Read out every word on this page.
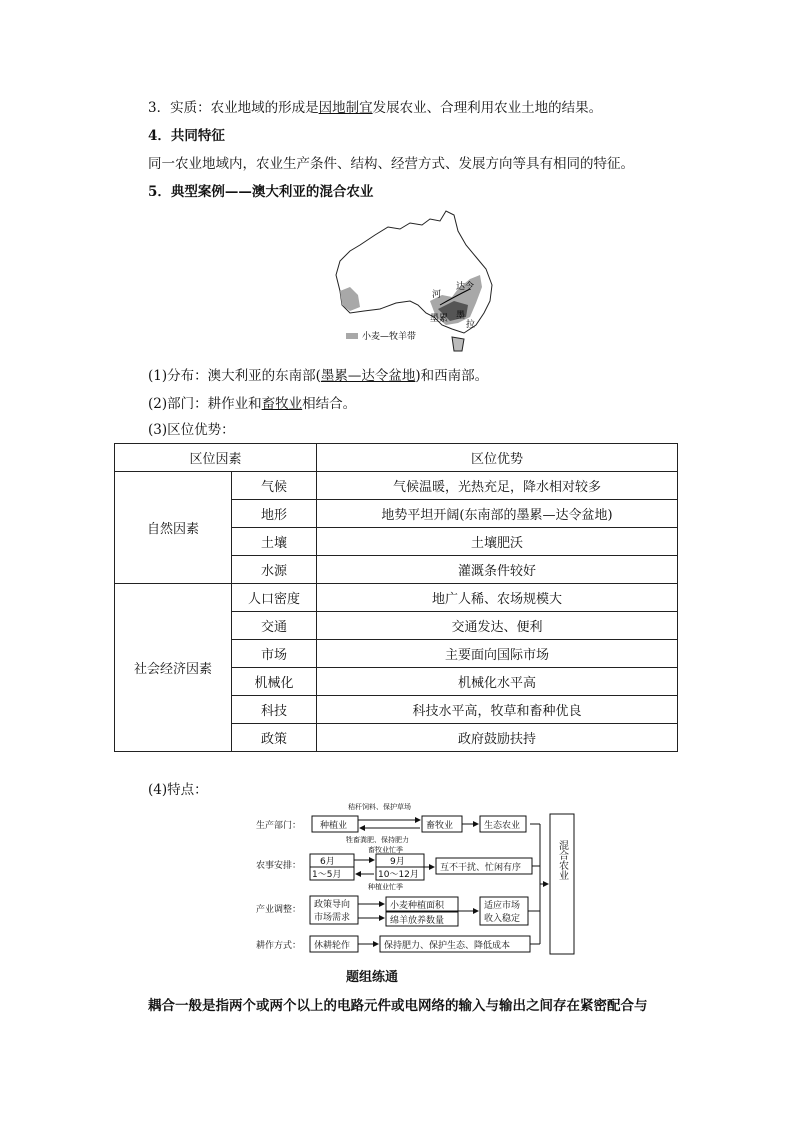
3．实质：农业地域的形成是因地制宜发展农业、合理利用农业土地的结果。
4．共同特征
同一农业地域内，农业生产条件、结构、经营方式、发展方向等具有相同的特征。
5．典型案例——澳大利亚的混合农业
达令
河
墨累 墨
拉
小麦—牧羊带
(1)分布：澳大利亚的东南部(墨累—达令盆地)和西南部。
(2)部门：耕作业和畜牧业相结合。
(3)区位优势：
区位因素		区位优势
自然因素	气候	气候温暖，光热充足，降水相对较多
	地形	地势平坦开阔(东南部的墨累—达令盆地)
	土壤	土壤肥沃
	水源	灌溉条件较好
社会经济因素	人口密度	地广人稀、农场规模大
	交通	交通发达、便利
	市场	主要面向国际市场
	机械化	机械化水平高
	科技	科技水平高，牧草和畜种优良
	政策	政府鼓励扶持
(4)特点：
生产部门：
农事安排：
产业调整：
耕作方式：
秸秆饲料、保护草场
种植业	畜牧业	生态农业
牲畜粪肥、保持肥力
畜牧业忙季
6月
1～5月
9月
10～12月
互不干扰、忙闲有序
种植业忙季
政策导向
市场需求
小麦种植面积
绵羊放养数量
适应市场
收入稳定
休耕轮作	保持肥力、保护生态、降低成本
混合农业
题组练通
耦合一般是指两个或两个以上的电路元件或电网络的输入与输出之间存在紧密配合与
